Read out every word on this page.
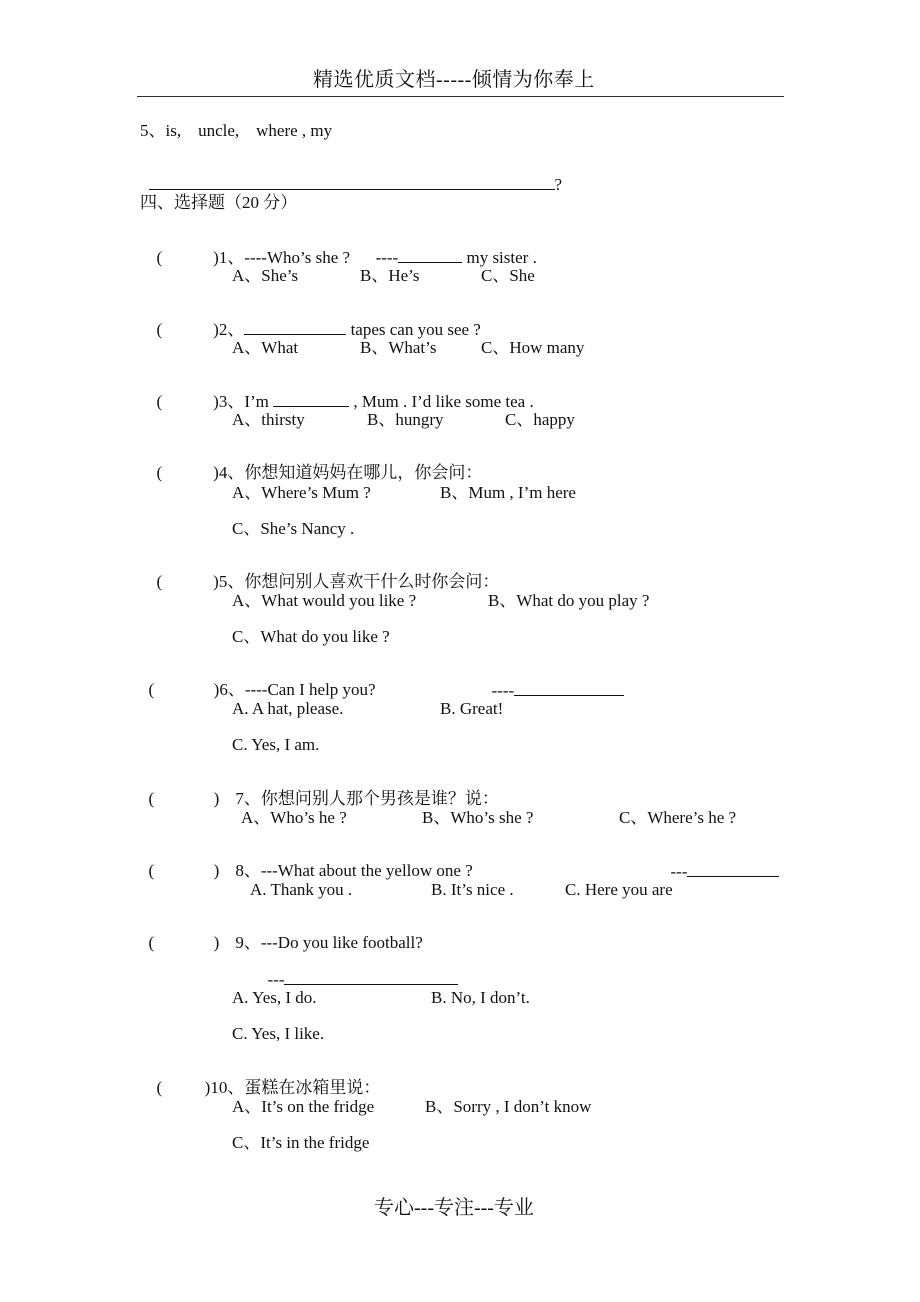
精选优质文档-----倾情为你奉上
5、is,    uncle,    where , my

?

四、选择题（20 分）

(            )1、----Who’s she ?      ----	my sister .

A、She’s	B、He’s	C、She

(            )2、	tapes can you see ?

A、What	B、What’s	C、How many

(            )3、I’m	, Mum . I’d like some tea .

A、thirsty	B、hungry	C、happy

(            )4、你想知道妈妈在哪儿，你会问：

A、Where’s Mum ?	B、Mum , I’m here
C、She’s Nancy .

(            )5、你想问别人喜欢干什么时你会问：

A、What would you like ?	B、What do you play ?
C、What do you like ?

(              )6、----Can I help you?	----

A. A hat, please.	B. Great!
C. Yes, I am.

(              ) 7、你想问别人那个男孩是谁？说：

A、Who’s he ?	B、Who’s she ?	C、Where’s he ?

(              ) 8、---What about the yellow one ?	---

A. Thank you .	B. It’s nice .	C. Here you are

(              ) 9、---Do you like football?

---

A. Yes, I do.	B. No, I don’t.
C. Yes, I like.

(          )10、蛋糕在冰箱里说：

A、It’s on the fridge	B、Sorry , I don’t know
C、It’s in the fridge
专心---专注---专业
